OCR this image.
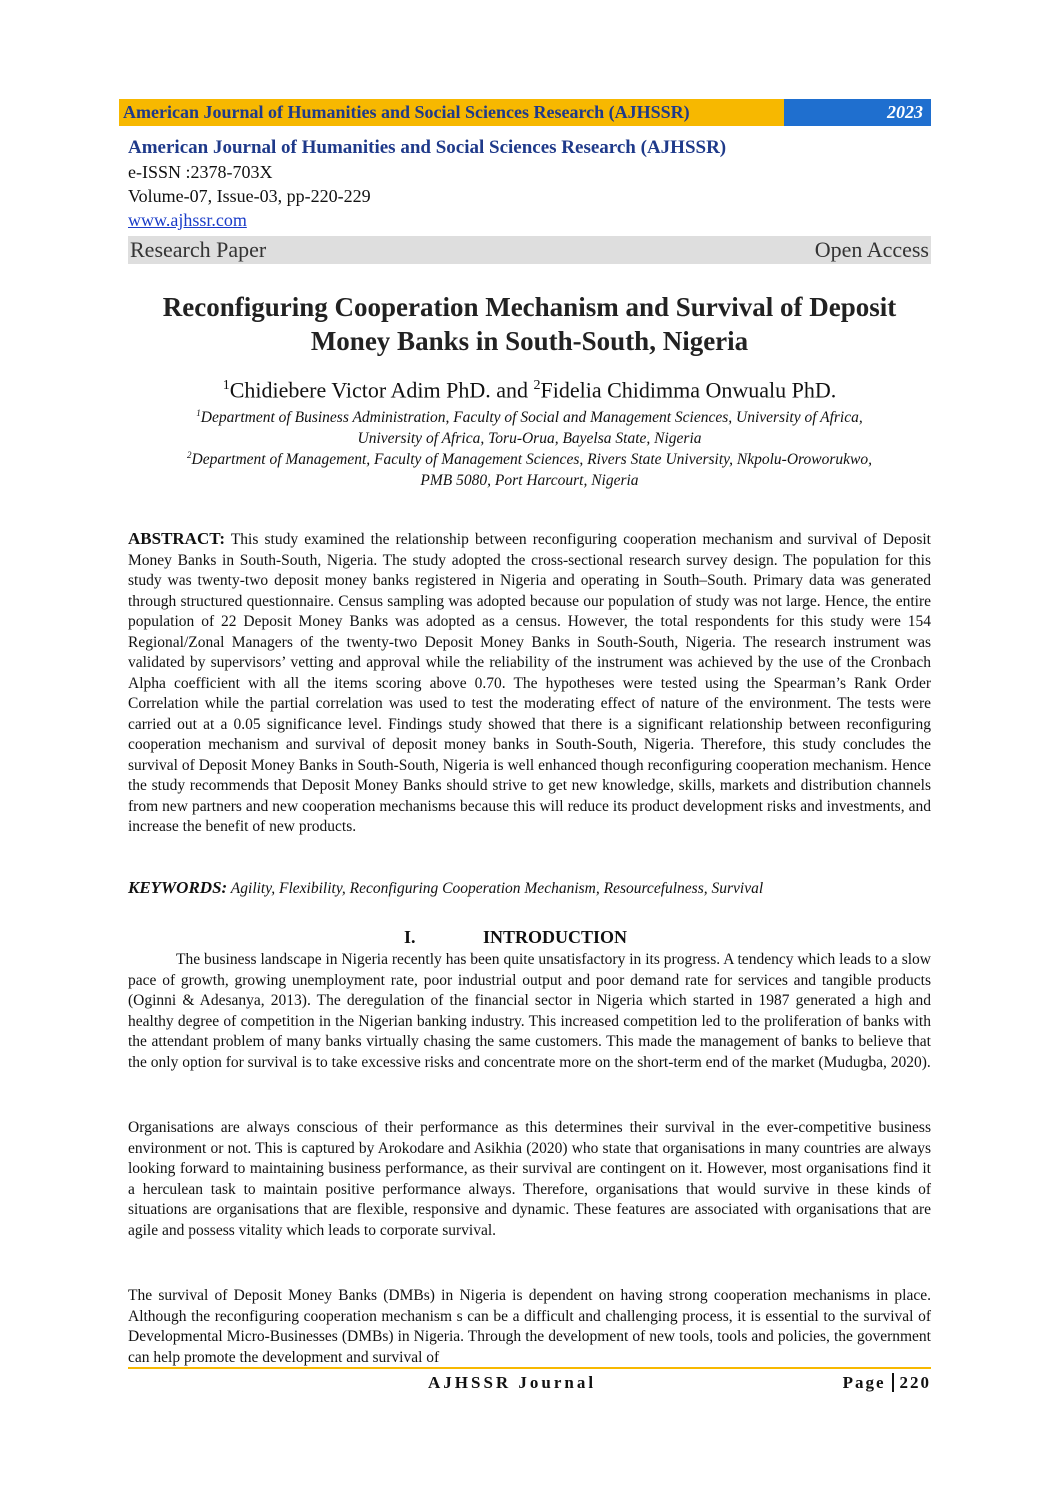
American Journal of Humanities and Social Sciences Research (AJHSSR)	2023
American Journal of Humanities and Social Sciences Research (AJHSSR)
e-ISSN :2378-703X
Volume-07, Issue-03, pp-220-229
www.ajhssr.com
Research Paper	Open Access
Reconfiguring Cooperation Mechanism and Survival of Deposit
Money Banks in South-South, Nigeria
$^1$Chidiebere Victor Adim PhD. and $^2$Fidelia Chidimma Onwualu PhD.
$^1$Department of Business Administration, Faculty of Social and Management Sciences, University of Africa,
University of Africa, Toru-Orua, Bayelsa State, Nigeria
$^2$Department of Management, Faculty of Management Sciences, Rivers State University, Nkpolu-Oroworukwo,
PMB 5080, Port Harcourt, Nigeria
ABSTRACT: This study examined the relationship between reconfiguring cooperation mechanism and survival of Deposit Money Banks in South-South, Nigeria. The study adopted the cross-sectional research survey design. The population for this study was twenty-two deposit money banks registered in Nigeria and operating in South–South. Primary data was generated through structured questionnaire. Census sampling was adopted because our population of study was not large. Hence, the entire population of 22 Deposit Money Banks was adopted as a census. However, the total respondents for this study were 154 Regional/Zonal Managers of the twenty-two Deposit Money Banks in South-South, Nigeria. The research instrument was validated by supervisors’ vetting and approval while the reliability of the instrument was achieved by the use of the Cronbach Alpha coefficient with all the items scoring above 0.70. The hypotheses were tested using the Spearman’s Rank Order Correlation while the partial correlation was used to test the moderating effect of nature of the environment. The tests were carried out at a 0.05 significance level. Findings study showed that there is a significant relationship between reconfiguring cooperation mechanism and survival of deposit money banks in South-South, Nigeria. Therefore, this study concludes the survival of Deposit Money Banks in South-South, Nigeria is well enhanced though reconfiguring cooperation mechanism. Hence the study recommends that Deposit Money Banks should strive to get new knowledge, skills, markets and distribution channels from new partners and new cooperation mechanisms because this will reduce its product development risks and investments, and increase the benefit of new products.
KEYWORDS: Agility, Flexibility, Reconfiguring Cooperation Mechanism, Resourcefulness, Survival
I.	INTRODUCTION
The business landscape in Nigeria recently has been quite unsatisfactory in its progress. A tendency which leads to a slow pace of growth, growing unemployment rate, poor industrial output and poor demand rate for services and tangible products (Oginni & Adesanya, 2013). The deregulation of the financial sector in Nigeria which started in 1987 generated a high and healthy degree of competition in the Nigerian banking industry. This increased competition led to the proliferation of banks with the attendant problem of many banks virtually chasing the same customers. This made the management of banks to believe that the only option for survival is to take excessive risks and concentrate more on the short-term end of the market (Mudugba, 2020).
Organisations are always conscious of their performance as this determines their survival in the ever-competitive business environment or not. This is captured by Arokodare and Asikhia (2020) who state that organisations in many countries are always looking forward to maintaining business performance, as their survival are contingent on it. However, most organisations find it a herculean task to maintain positive performance always. Therefore, organisations that would survive in these kinds of situations are organisations that are flexible, responsive and dynamic. These features are associated with organisations that are agile and possess vitality which leads to corporate survival.
The survival of Deposit Money Banks (DMBs) in Nigeria is dependent on having strong cooperation mechanisms in place. Although the reconfiguring cooperation mechanism s can be a difficult and challenging process, it is essential to the survival of Developmental Micro-Businesses (DMBs) in Nigeria. Through the development of new tools, tools and policies, the government can help promote the development and survival of
AJHSSR Journal	Page 220
